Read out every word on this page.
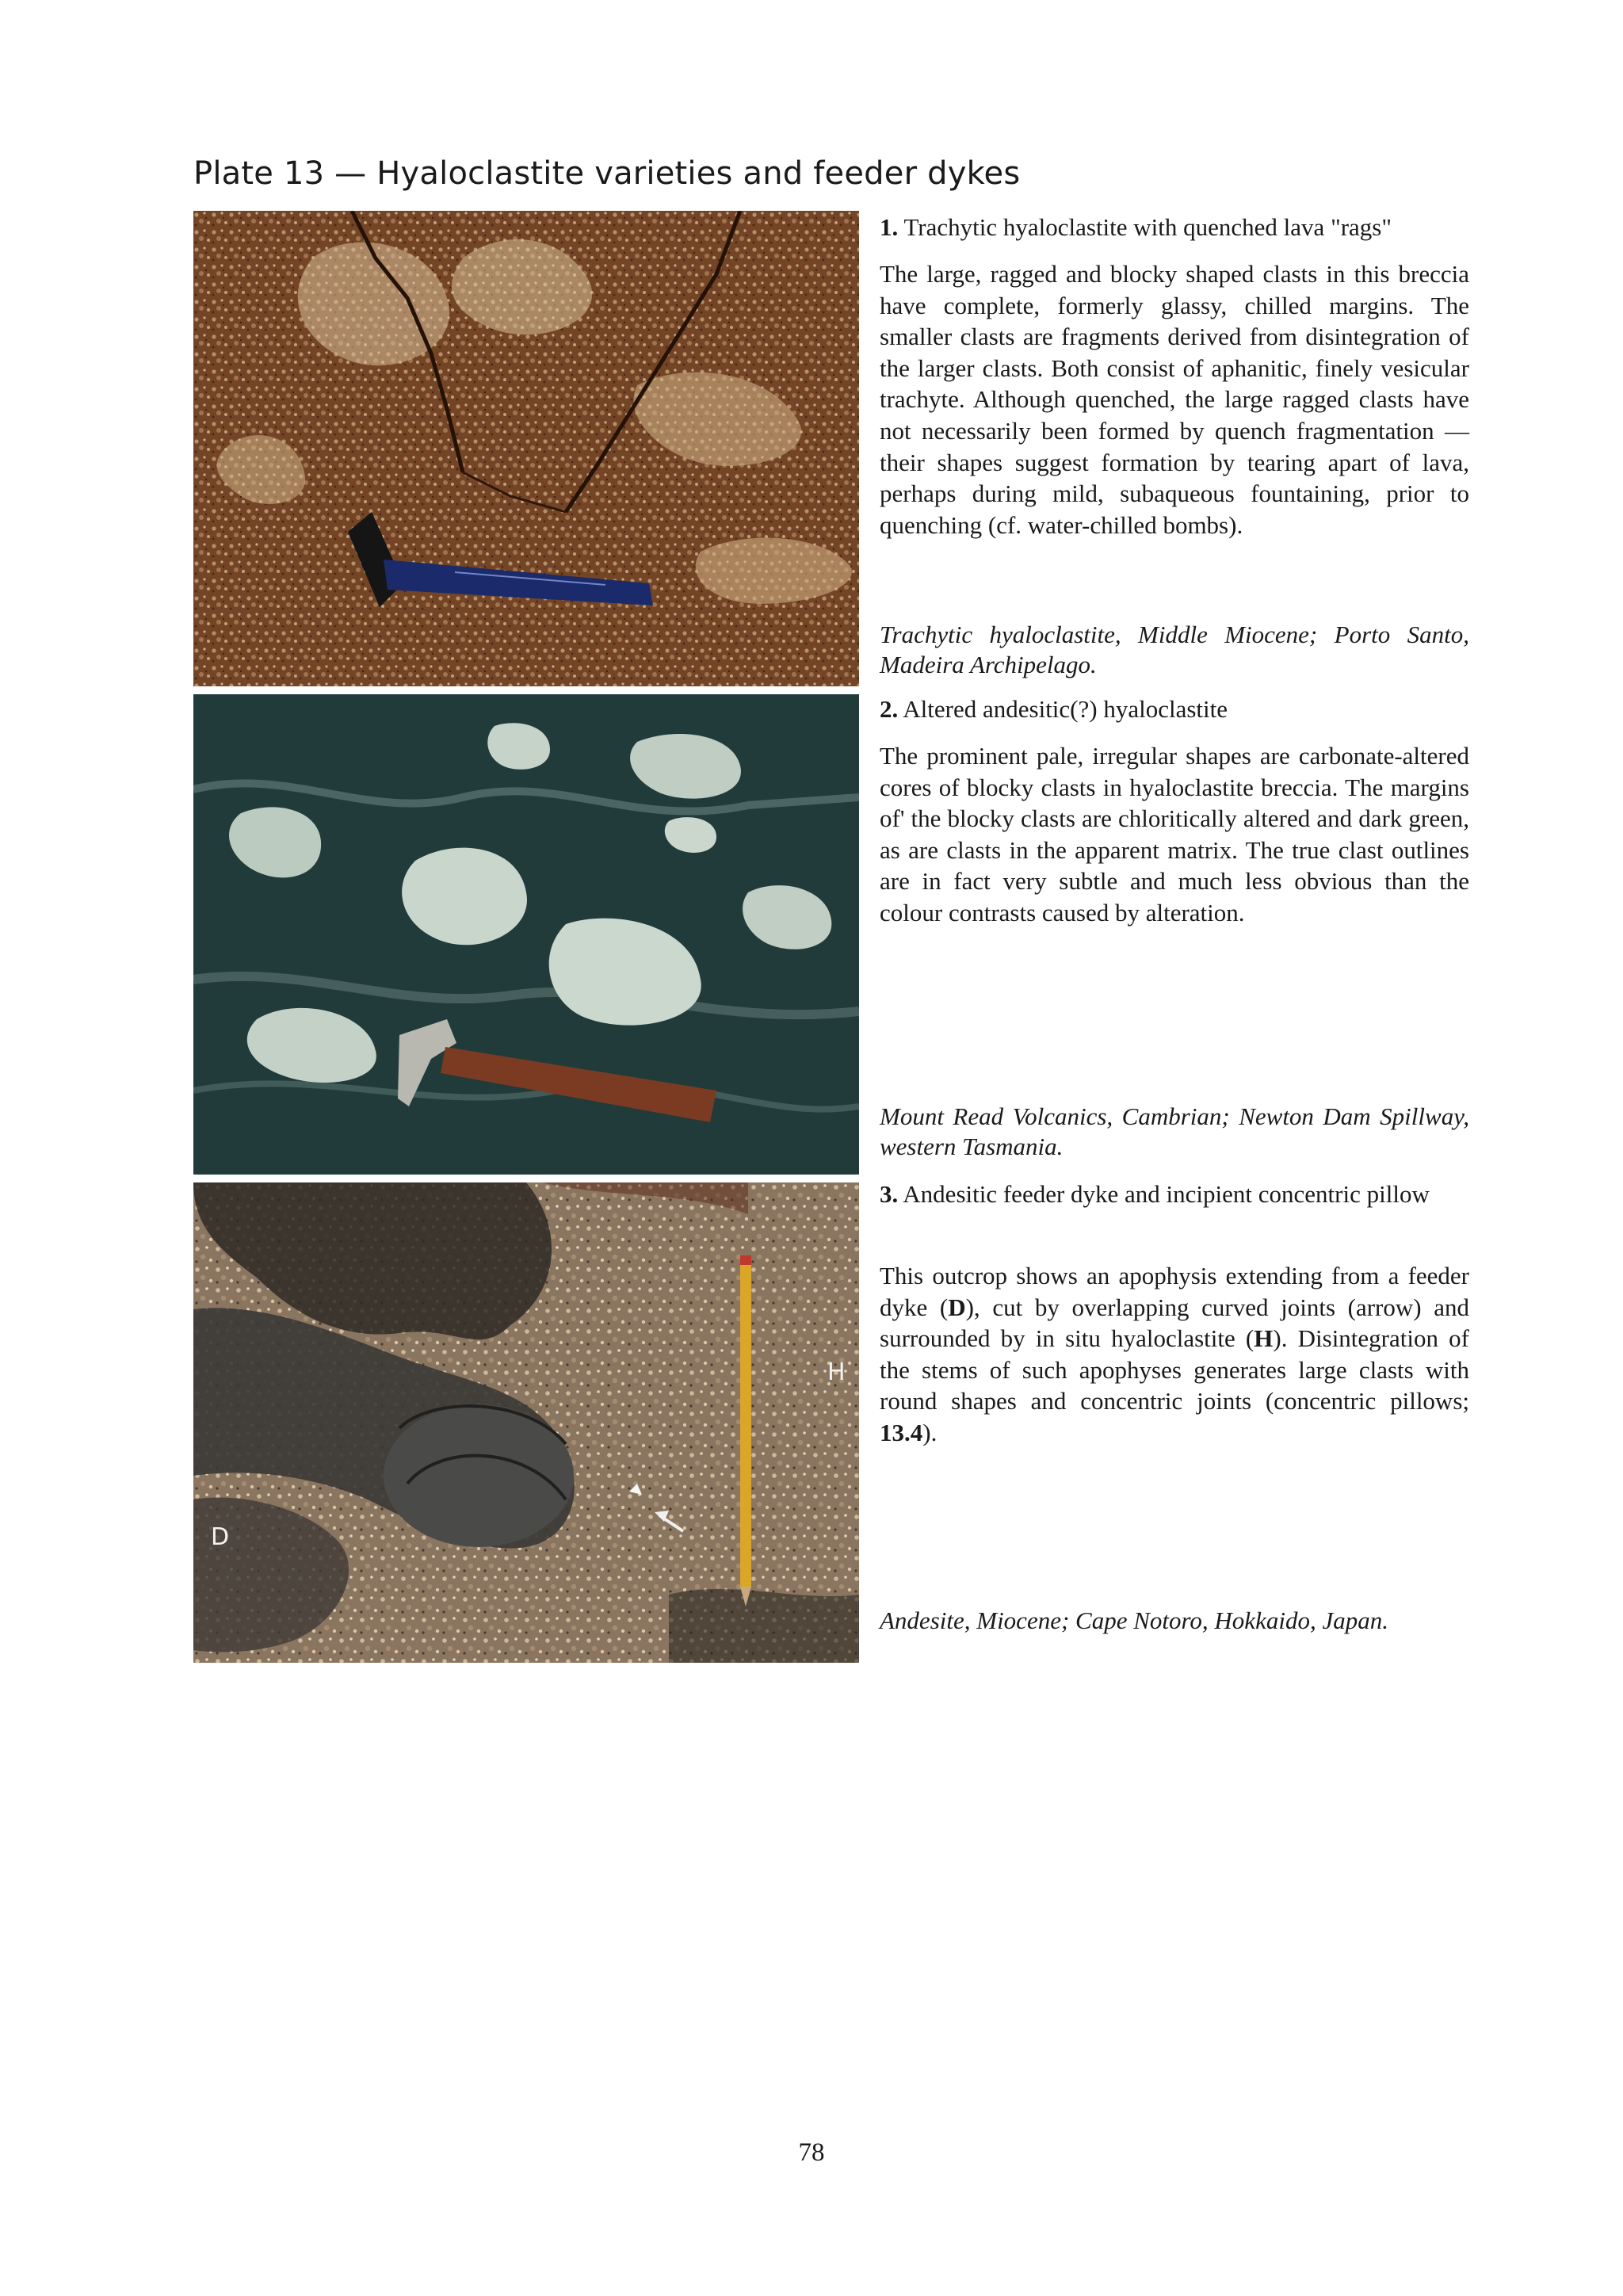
Plate 13 — Hyaloclastite varieties and feeder dykes
D
H

1. Trachytic hyaloclastite with quenched lava "rags"

The large, ragged and blocky shaped clasts in this breccia have complete, formerly glassy, chilled margins. The smaller clasts are fragments derived from disintegration of the larger clasts. Both consist of aphanitic, finely vesicular trachyte. Although quenched, the large ragged clasts have not necessarily been formed by quench fragmentation — their shapes suggest formation by tearing apart of lava, perhaps during mild, subaqueous fountaining, prior to quenching (cf. water-chilled bombs).

Trachytic hyaloclastite, Middle Miocene; Porto Santo, Madeira Archipelago.

2. Altered andesitic(?) hyaloclastite

The prominent pale, irregular shapes are carbonate-altered cores of blocky clasts in hyaloclastite breccia. The margins of' the blocky clasts are chloritically altered and dark green, as are clasts in the apparent matrix. The true clast outlines are in fact very subtle and much less obvious than the colour contrasts caused by alteration.

Mount Read Volcanics, Cambrian; Newton Dam Spillway, western Tasmania.

3. Andesitic feeder dyke and incipient concentric pillow

This outcrop shows an apophysis extending from a feeder dyke (D), cut by overlapping curved joints (arrow) and surrounded by in situ hyaloclastite (H). Disintegration of the stems of such apophyses generates large clasts with round shapes and concentric joints (concentric pillows; 13.4).

Andesite, Miocene; Cape Notoro, Hokkaido, Japan.

78
